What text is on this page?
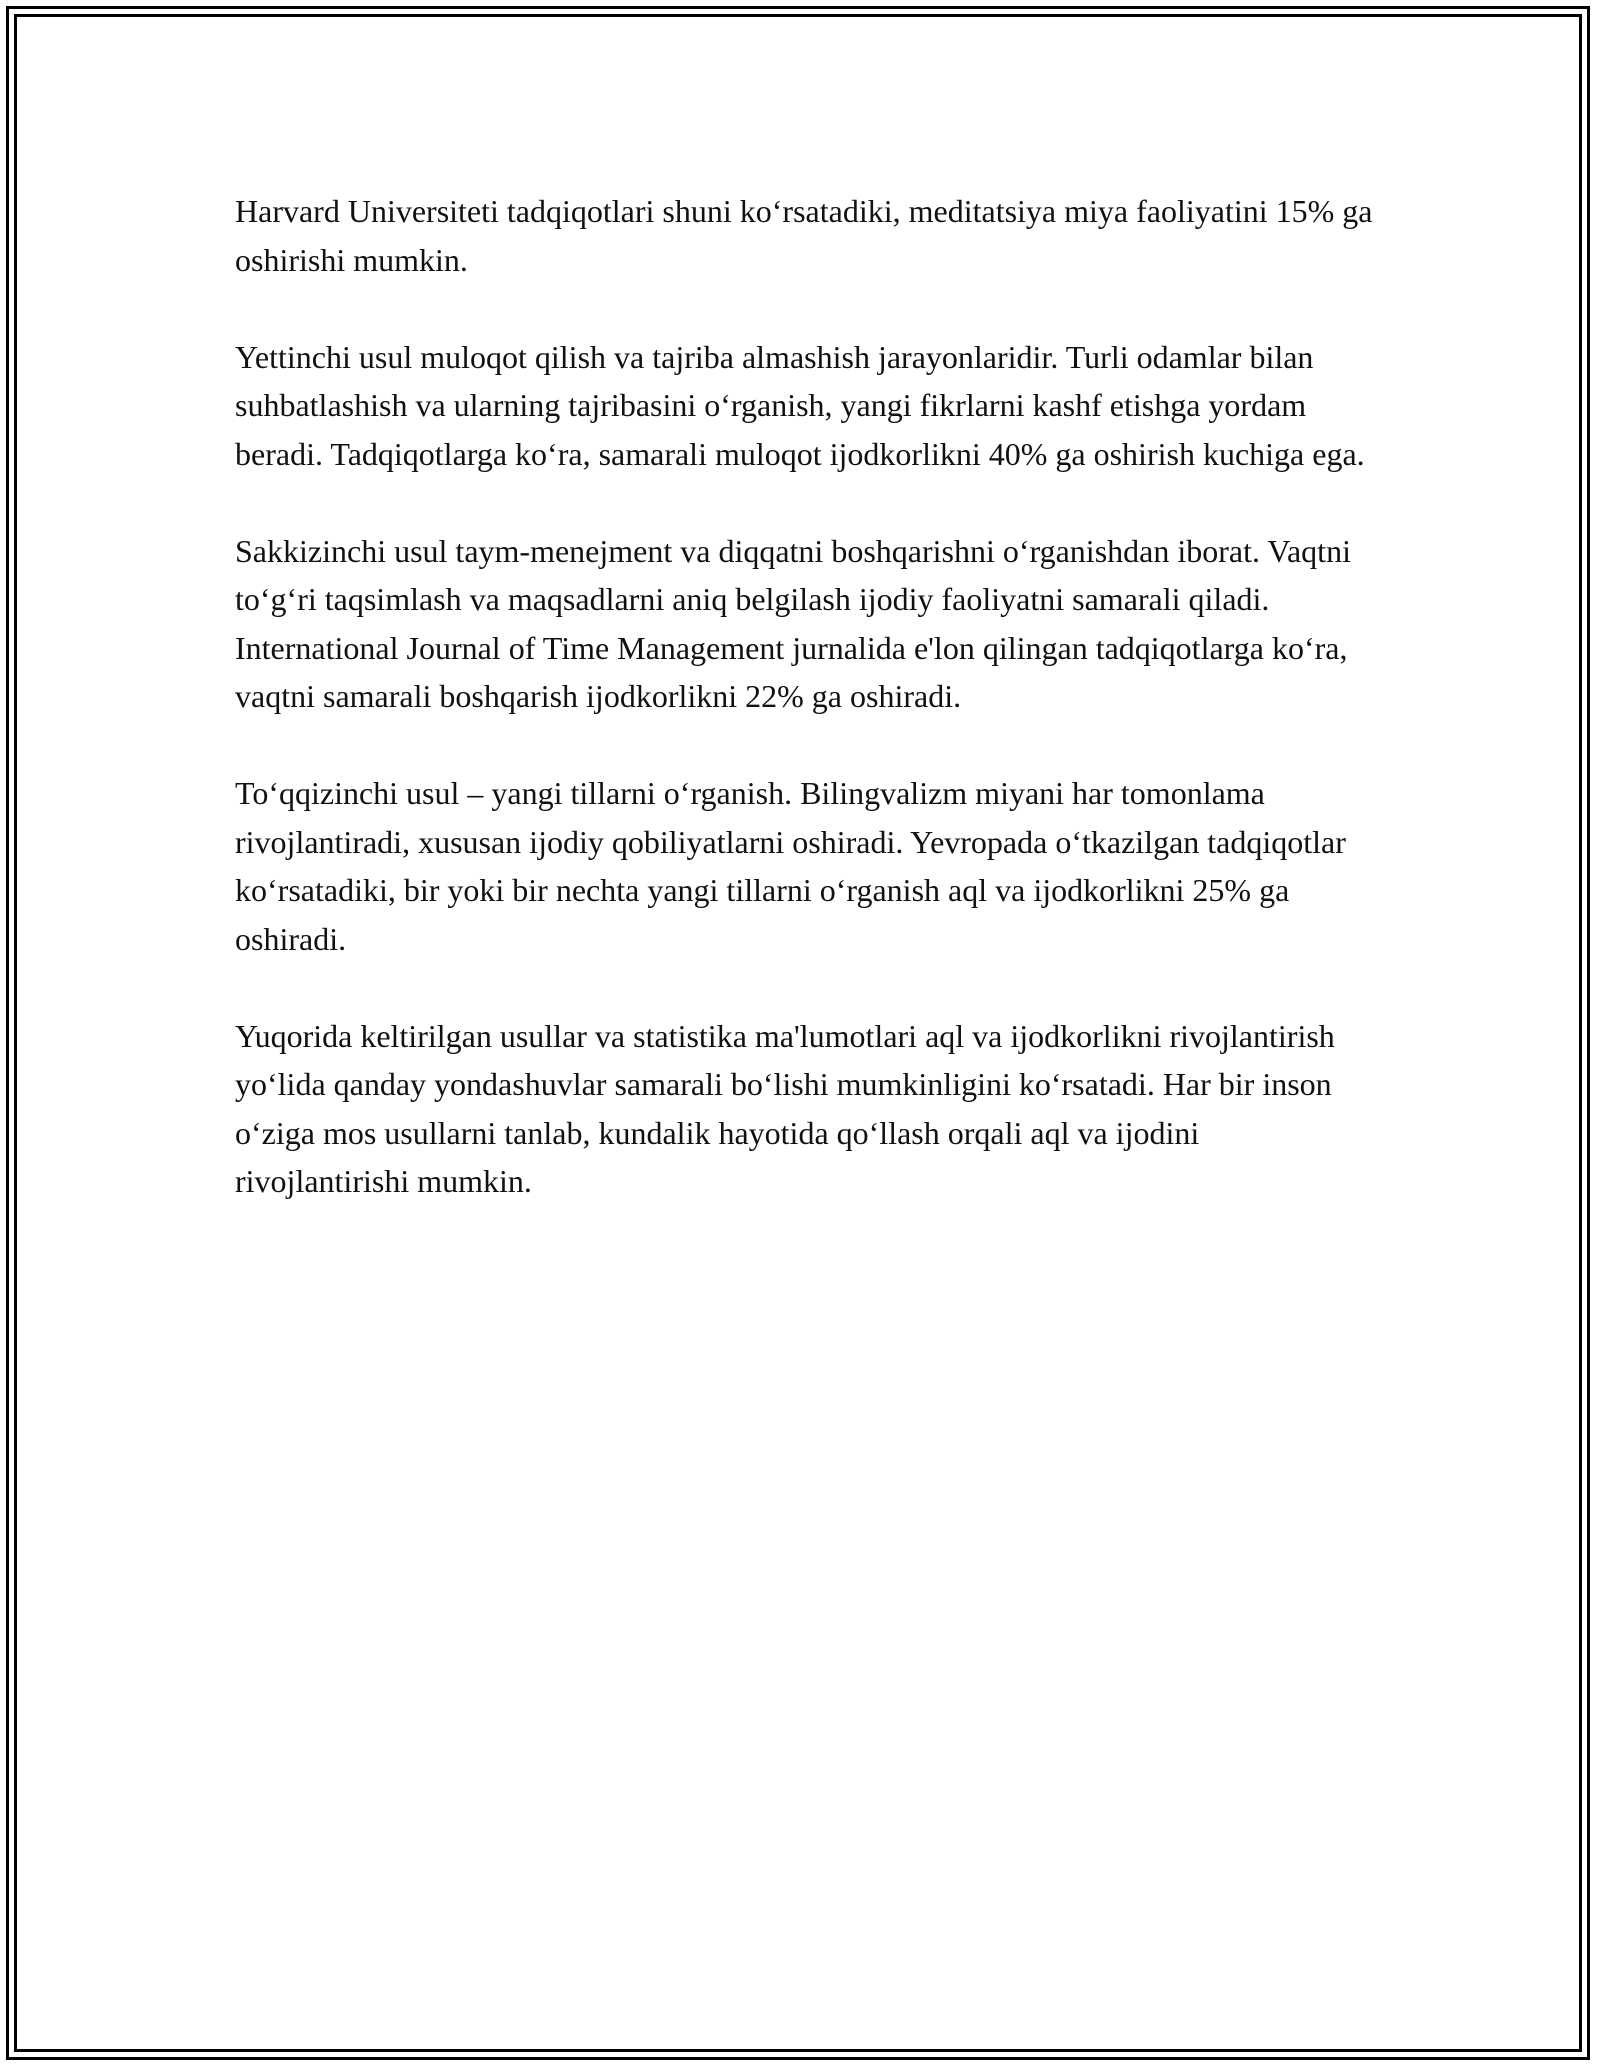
Harvard Universiteti tadqiqotlari shuni koʻrsatadiki, meditatsiya miya faoliyatini 15% ga oshirishi mumkin.

Yettinchi usul muloqot qilish va tajriba almashish jarayonlaridir. Turli odamlar bilan suhbatlashish va ularning tajribasini oʻrganish, yangi fikrlarni kashf etishga yordam beradi. Tadqiqotlarga koʻra, samarali muloqot ijodkorlikni 40% ga oshirish kuchiga ega.

Sakkizinchi usul taym-menejment va diqqatni boshqarishni oʻrganishdan iborat. Vaqtni toʻgʻri taqsimlash va maqsadlarni aniq belgilash ijodiy faoliyatni samarali qiladi. International Journal of Time Management jurnalida e'lon qilingan tadqiqotlarga koʻra, vaqtni samarali boshqarish ijodkorlikni 22% ga oshiradi.

Toʻqqizinchi usul – yangi tillarni oʻrganish. Bilingvalizm miyani har tomonlama rivojlantiradi, xususan ijodiy qobiliyatlarni oshiradi. Yevropada oʻtkazilgan tadqiqotlar koʻrsatadiki, bir yoki bir nechta yangi tillarni oʻrganish aql va ijodkorlikni 25% ga oshiradi.

Yuqorida keltirilgan usullar va statistika ma'lumotlari aql va ijodkorlikni rivojlantirish yoʻlida qanday yondashuvlar samarali boʻlishi mumkinligini koʻrsatadi. Har bir inson oʻziga mos usullarni tanlab, kundalik hayotida qoʻllash orqali aql va ijodini rivojlantirishi mumkin.
